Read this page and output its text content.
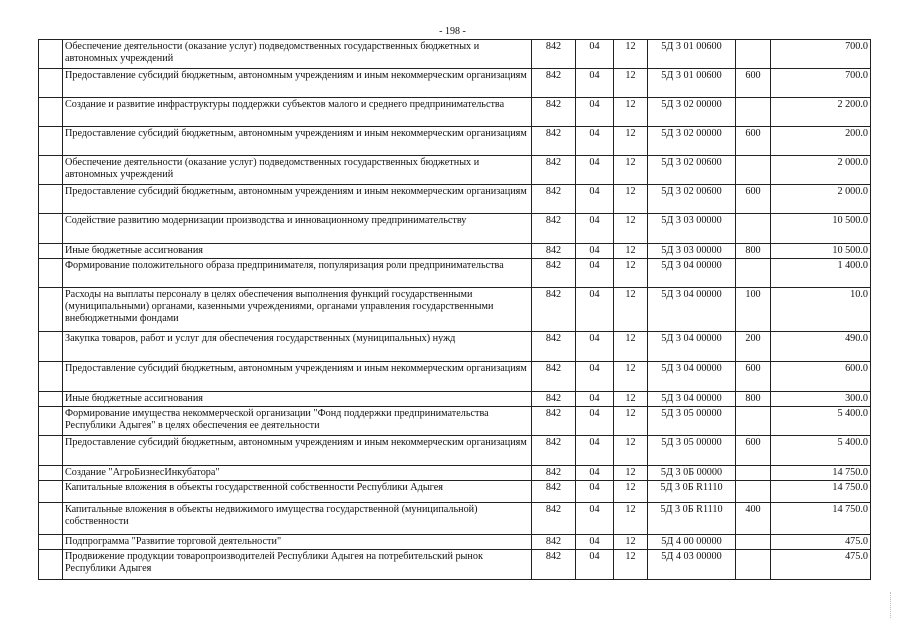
- 198 -
	Обеспечение деятельности (оказание услуг) подведомственных государственных бюджетных и автономных учреждений	842	04	12	5Д 3 01 00600		700.0
	Предоставление субсидий бюджетным, автономным учреждениям и иным некоммерческим организациям	842	04	12	5Д 3 01 00600	600	700.0
	Создание и развитие инфраструктуры поддержки субъектов малого и среднего предпринимательства	842	04	12	5Д 3 02 00000		2 200.0
	Предоставление субсидий бюджетным, автономным учреждениям и иным некоммерческим организациям	842	04	12	5Д 3 02 00000	600	200.0
	Обеспечение деятельности (оказание услуг) подведомственных государственных бюджетных и автономных учреждений	842	04	12	5Д 3 02 00600		2 000.0
	Предоставление субсидий бюджетным, автономным учреждениям и иным некоммерческим организациям	842	04	12	5Д 3 02 00600	600	2 000.0
	Содействие развитию модернизации производства и инновационному предпринимательству	842	04	12	5Д 3 03 00000		10 500.0
	Иные бюджетные ассигнования	842	04	12	5Д 3 03 00000	800	10 500.0
	Формирование положительного образа предпринимателя, популяризация роли предпринимательства	842	04	12	5Д 3 04 00000		1 400.0
	Расходы на выплаты персоналу в целях обеспечения выполнения функций государственными (муниципальными) органами, казенными учреждениями, органами управления государственными внебюджетными фондами	842	04	12	5Д 3 04 00000	100	10.0
	Закупка товаров, работ и услуг для обеспечения государственных (муниципальных) нужд	842	04	12	5Д 3 04 00000	200	490.0
	Предоставление субсидий бюджетным, автономным учреждениям и иным некоммерческим организациям	842	04	12	5Д 3 04 00000	600	600.0
	Иные бюджетные ассигнования	842	04	12	5Д 3 04 00000	800	300.0
	Формирование имущества некоммерческой организации "Фонд поддержки предпринимательства Республики Адыгея" в целях обеспечения ее деятельности	842	04	12	5Д 3 05 00000		5 400.0
	Предоставление субсидий бюджетным, автономным учреждениям и иным некоммерческим организациям	842	04	12	5Д 3 05 00000	600	5 400.0
	Создание "АгроБизнесИнкубатора"	842	04	12	5Д 3 0Б 00000		14 750.0
	Капитальные вложения в объекты государственной собственности Республики Адыгея	842	04	12	5Д 3 0Б R1110		14 750.0
	Капитальные вложения в объекты недвижимого имущества государственной (муниципальной) собственности	842	04	12	5Д 3 0Б R1110	400	14 750.0
	Подпрограмма "Развитие торговой деятельности"	842	04	12	5Д 4 00 00000		475.0
	Продвижение продукции товаропроизводителей Республики Адыгея на потребительский рынок Республики Адыгея	842	04	12	5Д 4 03 00000		475.0
